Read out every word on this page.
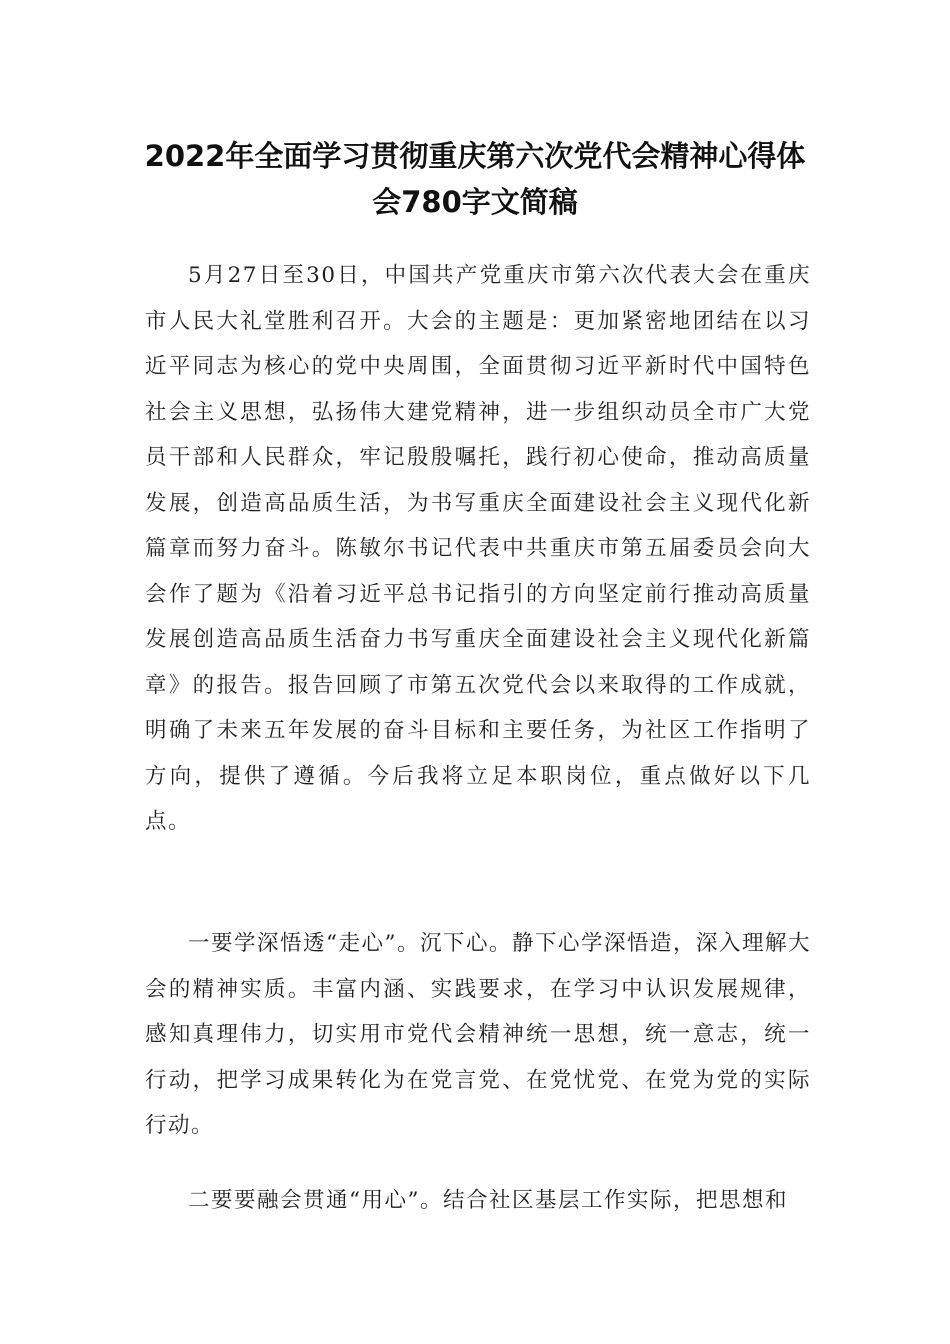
2022年全面学习贯彻重庆第六次党代会精神心得体
会780字文简稿

5月27日至30日，中国共产党重庆市第六次代表大会在重庆市人民大礼堂胜利召开。大会的主题是：更加紧密地团结在以习近平同志为核心的党中央周围，全面贯彻习近平新时代中国特色社会主义思想，弘扬伟大建党精神，进一步组织动员全市广大党员干部和人民群众，牢记殷殷嘱托，践行初心使命，推动高质量发展，创造高品质生活，为书写重庆全面建设社会主义现代化新篇章而努力奋斗。陈敏尔书记代表中共重庆市第五届委员会向大会作了题为《沿着习近平总书记指引的方向坚定前行推动高质量发展创造高品质生活奋力书写重庆全面建设社会主义现代化新篇章》的报告。报告回顾了市第五次党代会以来取得的工作成就，明确了未来五年发展的奋斗目标和主要任务，为社区工作指明了方向，提供了遵循。今后我将立足本职岗位，重点做好以下几点。

一要学深悟透“走心”。沉下心。静下心学深悟造，深入理解大会的精神实质。丰富内涵、实践要求，在学习中认识发展规律，感知真理伟力，切实用市党代会精神统一思想，统一意志，统一行动，把学习成果转化为在党言党、在党忧党、在党为党的实际行动。

二要要融会贯通“用心”。结合社区基层工作实际，把思想和
